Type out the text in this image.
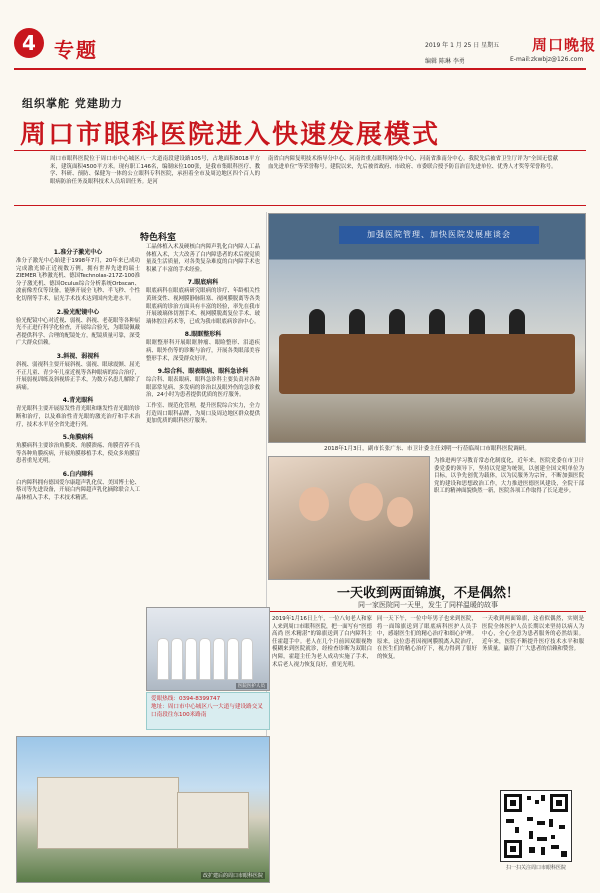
4 专题	2019 年 1 月 25 日 星期五 周口晚报
编辑 陈琳 李勇	E-mail:zkwbjz@126.com
组织掌舵 党建助力
周口市眼科医院进入快速发展模式
周口市眼科医院位于周口市中心城区八一大道南段建设路105号，占地面积8018平方米，建筑面积4500平方米。现有职工146名，编制床位100张，是我市集眼科医疗、教学、科研、预防、保健为一体的公立眼科专科医院，承担着全市及周边地区四个百人的眼病防治任务及眼科技术人员培训任务。是河
南省白内障复明技术指导分中心、河南省重点眼科网络分中心、河南省淮南分中心。我院先后被省卫生厅评为“全国无偿献血先进单位”等荣誉称号。建院以来，先后被省政府、市政府、市委联合授予防盲治盲先进单位、优秀人才奖等荣誉称号。
特色科室
1.准分子激光中心
准分子激光中心始建于1998年7月，20年来已成功完成激光矫正近视数万例，拥有世界先进的瑞士ZIEMER飞秒激光机、德国Technolas-217Z-100准分子激光机、德国Oculus综合分析系统Orbscan、波前像差仪等设备，能够开展全飞秒、半飞秒、个性化切削等手术，屈光手术技术达到国内先进水平。
2.验光配镜中心
验光配镜中心对近视、弱视、斜视、老花眼等各种屈光不正进行科学化检查，开展综合验光，为眼镜佩戴者提供科学、合理的配镜处方，配镜质量可靠，深受广大群众信赖。
3.斜视、弱视科
斜视、弱视科主要开展斜视、弱视、眼球震颤、屈光不正儿童、青少年儿童近视等各种眼病的综合治疗，开展弱视训练及斜视矫正手术，为数万名患儿解除了病痛。
4.青光眼科
青光眼科主要开展原发性青光眼和继发性青光眼的诊断和治疗，以及难治性青光眼的激光治疗和手术治疗，技术水平居全省先进行列。
5.角膜病科
角膜病科主要诊治角膜炎、角膜溃疡、角膜营养不良等各种角膜疾病，开展角膜移植手术，使众多角膜盲患者重见光明。
6.白内障科
白内障科拥有德国爱尔康超声乳化仪、美国博士伦、蔡司等先进设备，开展白内障超声乳化摘除联合人工晶体植入手术，手术技术精湛。
工晶体植入术及硬核白内障声乳化白内障人工晶体植入术，大大改善了白内障患者的术后视觉质量及生活质量，对各类复杂难度的白内障手术也积累了丰富的手术经验。
7.眼底病科
眼底病科在眼底病研究眼病的诊疗、年龄相关性黄斑变性、视网膜静脉阻塞、视网膜脱离等各类眼底病的诊治方面具有丰富的经验，率先在我市开展玻璃体切割手术、视网膜脱离复位手术、玻璃体腔注药术等，已成为我市眼底病诊治中心。
8.眼眶整形科
眼眶整形科开展眼眶肿瘤、眼睑整形、泪道疾病、眼外伤等的诊断与治疗，开展各类眼部美容整形手术，深受群众好评。
9.综合科、眼表眼病、眼科急诊科
综合科、眼表眼病、眼科急诊科主要负责对各种眼部常见病、多发病的诊治以及眼外伤的急诊救治，24小时为患者提供优质的医疗服务。
工作室、规范化管理，提升医院综合实力，全力打造周口眼科品牌，为周口及周边地区群众提供更加优质的眼科医疗服务。
加强医院管理、加快医院发展座谈会
2018年1月3日，副市长张广东、市卫计委主任刘明一行莅临周口市眼科医院调研。
为推进两学习教育常态化制度化，近年来，医院党委在市卫计委党委的领导下，坚持以党建为统领，以创建全国文明单位为目标，以争先创优为载体，以为民服务为宗旨，不断加强医院党的建设和思想政治工作，大力推进医德医风建设，全院干部职工的精神面貌焕然一新，医院各项工作取得了长足进步。
医院医护人员
爱眼热线：0394-8399747
地址：周口市中心城区八一大道与建设路交叉口南段往东100米路南
改扩建后的周口市眼科医院
一天收到两面锦旗，不是偶然！
同一家医院同一天里，发生了同样温暖的故事
2019年1月16日上午，一位八旬老人和家人来到周口市眼科医院，把一面写有“医德高尚 医术精湛”的锦旗送到了白内障科主任霍超手中。老人在几个月前因双眼视物模糊来到医院就诊，经检查诊断为双眼白内障，霍超主任为老人成功实施了手术，术后老人视力恢复良好，重见光明。
同一天下午，一位中年男子也来到医院，将一面锦旗送到了眼底病科医护人员手中，感谢医生们的精心治疗和细心护理。原来，这位患者因视网膜脱离入院治疗，在医生们的精心治疗下，视力得到了很好的恢复。
一天收到两面锦旗，这看似偶然，实则是医院全体医护人员长期以来坚持以病人为中心，全心全意为患者服务的必然结果。近年来，医院不断提升医疗技术水平和服务质量，赢得了广大患者的信赖和赞誉。
扫一扫关注周口市眼科医院
